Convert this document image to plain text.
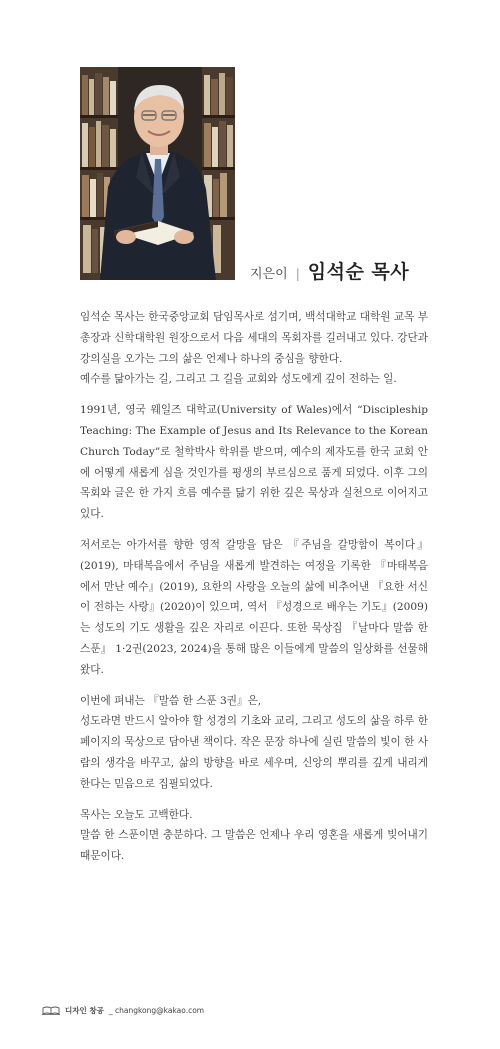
지은이 | 임석순 목사

임석순 목사는 한국중앙교회 담임목사로 섬기며, 백석대학교 대학원 교목 부총장과 신학대학원 원장으로서 다음 세대의 목회자를 길러내고 있다. 강단과 강의실을 오가는 그의 삶은 언제나 하나의 중심을 향한다.
예수를 닮아가는 길, 그리고 그 길을 교회와 성도에게 깊이 전하는 일.

1991년, 영국 웨일즈 대학교(University of Wales)에서 “Discipleship Teaching: The Example of Jesus and Its Relevance to the Korean Church Today”로 철학박사 학위를 받으며, 예수의 제자도를 한국 교회 안에 어떻게 새롭게 심을 것인가를 평생의 부르심으로 품게 되었다. 이후 그의 목회와 글은 한 가지 흐름 예수를 닮기 위한 깊은 묵상과 실천으로 이어지고 있다.

저서로는 아가서를 향한 영적 갈망을 담은 『주님을 갈망함이 복이다』(2019), 마태복음에서 주님을 새롭게 발견하는 여정을 기록한 『마태복음에서 만난 예수』(2019), 요한의 사랑을 오늘의 삶에 비추어낸 『요한 서신이 전하는 사랑』(2020)이 있으며, 역서 『성경으로 배우는 기도』(2009)는 성도의 기도 생활을 깊은 자리로 이끈다. 또한 묵상집 『날마다 말씀 한 스푼』 1·2권(2023, 2024)을 통해 많은 이들에게 말씀의 일상화를 선물해 왔다.

이번에 펴내는 『말씀 한 스푼 3권』은,
성도라면 반드시 알아야 할 성경의 기초와 교리, 그리고 성도의 삶을 하루 한 페이지의 묵상으로 담아낸 책이다. 작은 문장 하나에 실린 말씀의 빛이 한 사람의 생각을 바꾸고, 삶의 방향을 바로 세우며, 신앙의 뿌리를 깊게 내리게 한다는 믿음으로 집필되었다.

목사는 오늘도 고백한다.
말씀 한 스푼이면 충분하다. 그 말씀은 언제나 우리 영혼을 새롭게 빚어내기 때문이다.

디자인 창공 _ changkong@kakao.com
